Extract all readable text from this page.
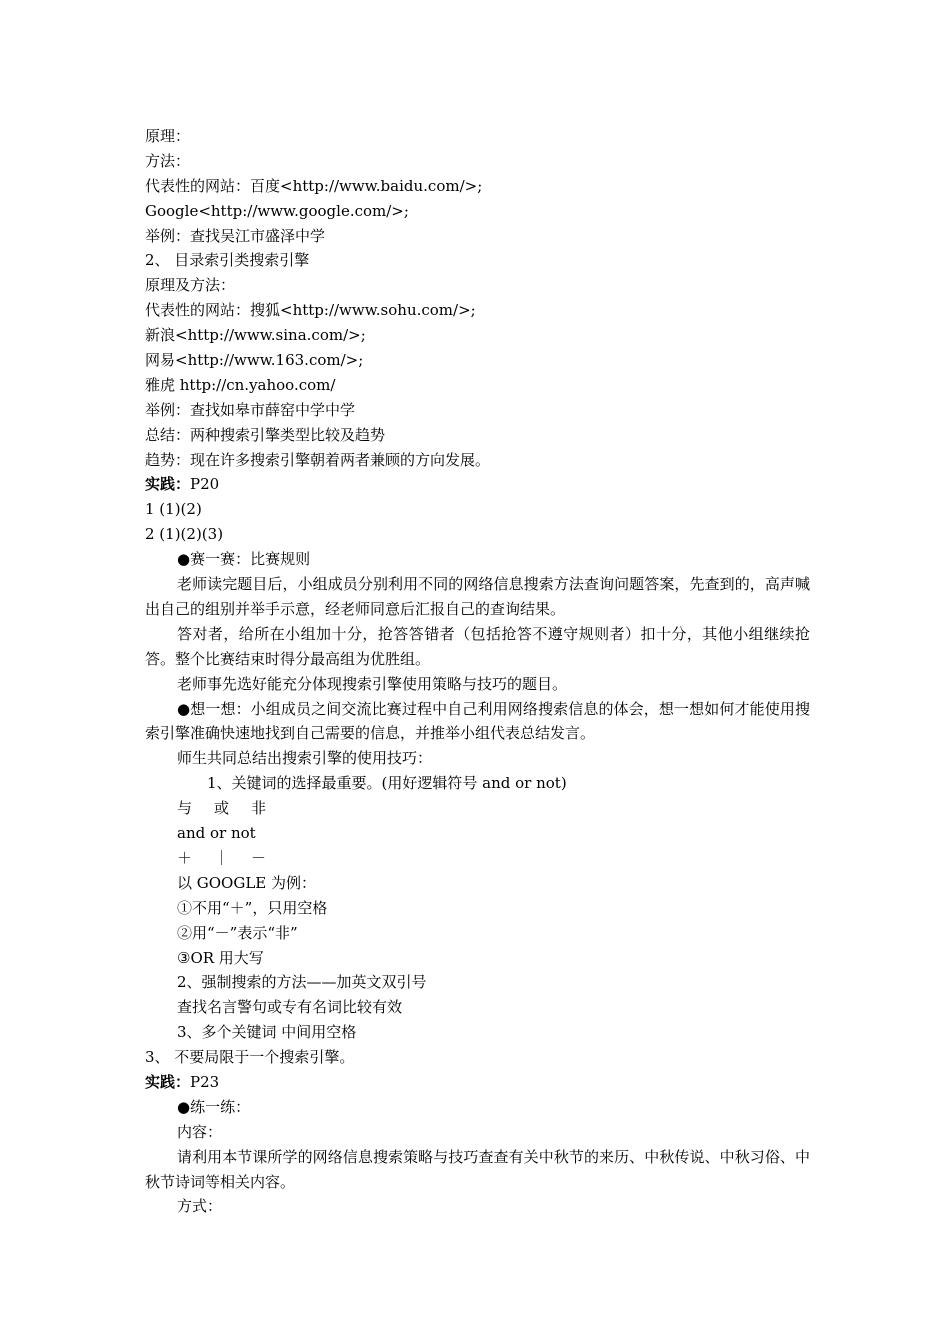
原理：
方法：
代表性的网站：百度<http://www.baidu.com/>;
Google<http://www.google.com/>;
举例：查找吴江市盛泽中学
2、 目录索引类搜索引擎
原理及方法：
代表性的网站：搜狐<http://www.sohu.com/>;
新浪<http://www.sina.com/>;
网易<http://www.163.com/>;
雅虎 http://cn.yahoo.com/
举例：查找如皋市薛窑中学中学
总结：两种搜索引擎类型比较及趋势
趋势：现在许多搜索引擎朝着两者兼顾的方向发展。
实践：P20
1 (1)(2)
2 (1)(2)(3)
●赛一赛：比赛规则

老师读完题目后，小组成员分别利用不同的网络信息搜索方法查询问题答案，先查到的，高声喊出自己的组别并举手示意，经老师同意后汇报自己的查询结果。

答对者，给所在小组加十分，抢答答错者（包括抢答不遵守规则者）扣十分，其他小组继续抢答。整个比赛结束时得分最高组为优胜组。

老师事先选好能充分体现搜索引擎使用策略与技巧的题目。

●想一想：小组成员之间交流比赛过程中自己利用网络搜索信息的体会，想一想如何才能使用搜索引擎准确快速地找到自己需要的信息，并推举小组代表总结发言。

师生共同总结出搜索引擎的使用技巧：
1、关键词的选择最重要。(用好逻辑符号 and or not)
与 或 非
and or not
＋ ｜ －
以 GOOGLE 为例：
①不用“＋”，只用空格
②用“－”表示“非”
③OR 用大写
2、强制搜索的方法——加英文双引号
查找名言警句或专有名词比较有效
3、多个关键词 中间用空格
3、 不要局限于一个搜索引擎。
实践：P23
●练一练：
内容：

请利用本节课所学的网络信息搜索策略与技巧查查有关中秋节的来历、中秋传说、中秋习俗、中秋节诗词等相关内容。

方式：
